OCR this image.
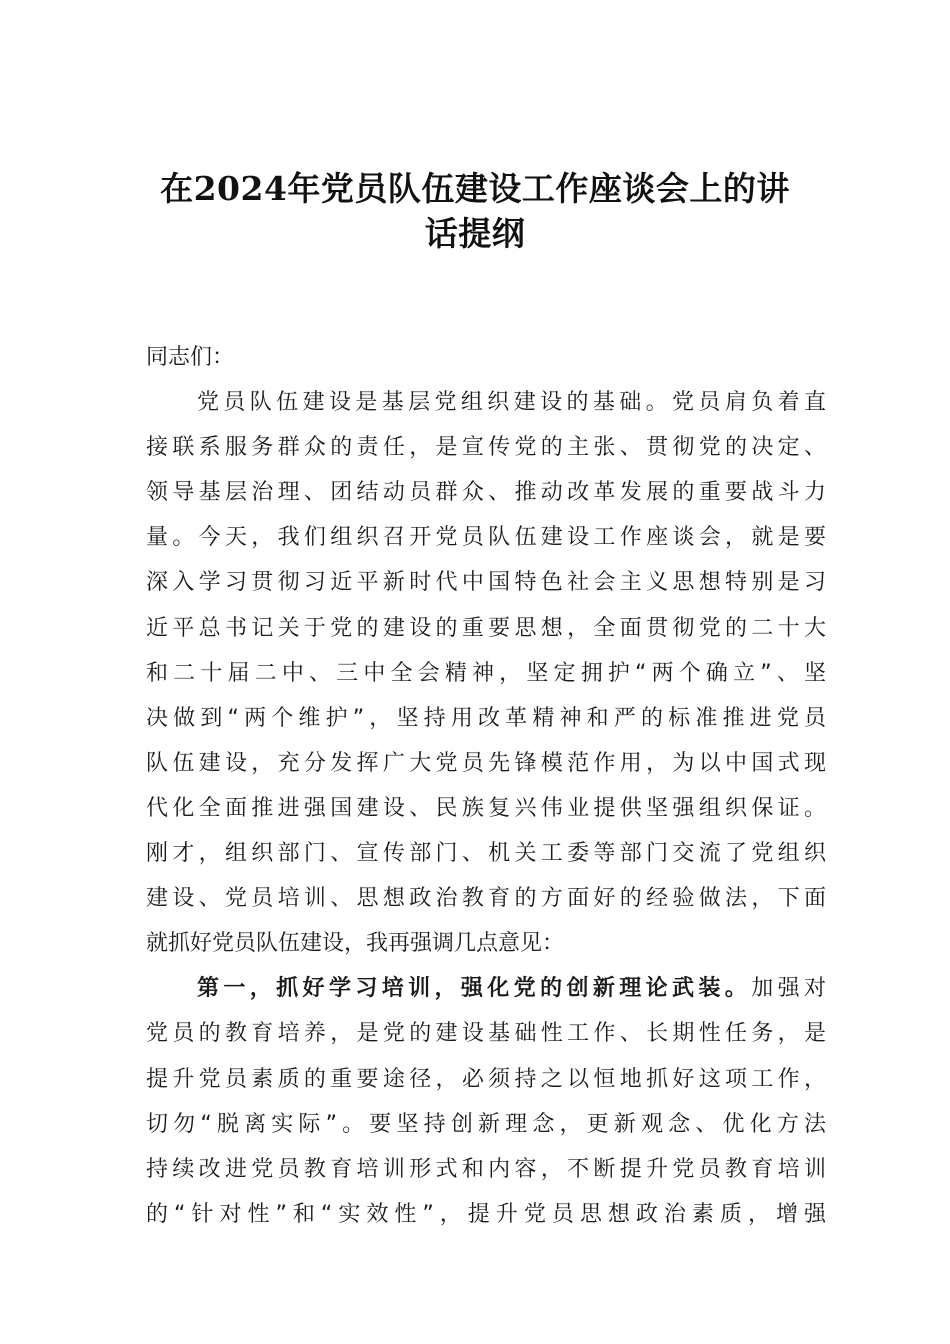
在2024年党员队伍建设工作座谈会上的讲
话提纲
同志们：
党员队伍建设是基层党组织建设的基础。党员肩负着直
接联系服务群众的责任，是宣传党的主张、贯彻党的决定、
领导基层治理、团结动员群众、推动改革发展的重要战斗力
量。今天，我们组织召开党员队伍建设工作座谈会，就是要
深入学习贯彻习近平新时代中国特色社会主义思想特别是习
近平总书记关于党的建设的重要思想，全面贯彻党的二十大
和二十届二中、三中全会精神，坚定拥护“两个确立”、坚
决做到“两个维护”，坚持用改革精神和严的标准推进党员
队伍建设，充分发挥广大党员先锋模范作用，为以中国式现
代化全面推进强国建设、民族复兴伟业提供坚强组织保证。
刚才，组织部门、宣传部门、机关工委等部门交流了党组织
建设、党员培训、思想政治教育的方面好的经验做法，下面
就抓好党员队伍建设，我再强调几点意见：
第一，抓好学习培训，强化党的创新理论武装。加强对
党员的教育培养，是党的建设基础性工作、长期性任务，是
提升党员素质的重要途径，必须持之以恒地抓好这项工作，
切勿“脱离实际”。要坚持创新理念，更新观念、优化方法
持续改进党员教育培训形式和内容，不断提升党员教育培训
的“针对性”和“实效性”，提升党员思想政治素质，增强
